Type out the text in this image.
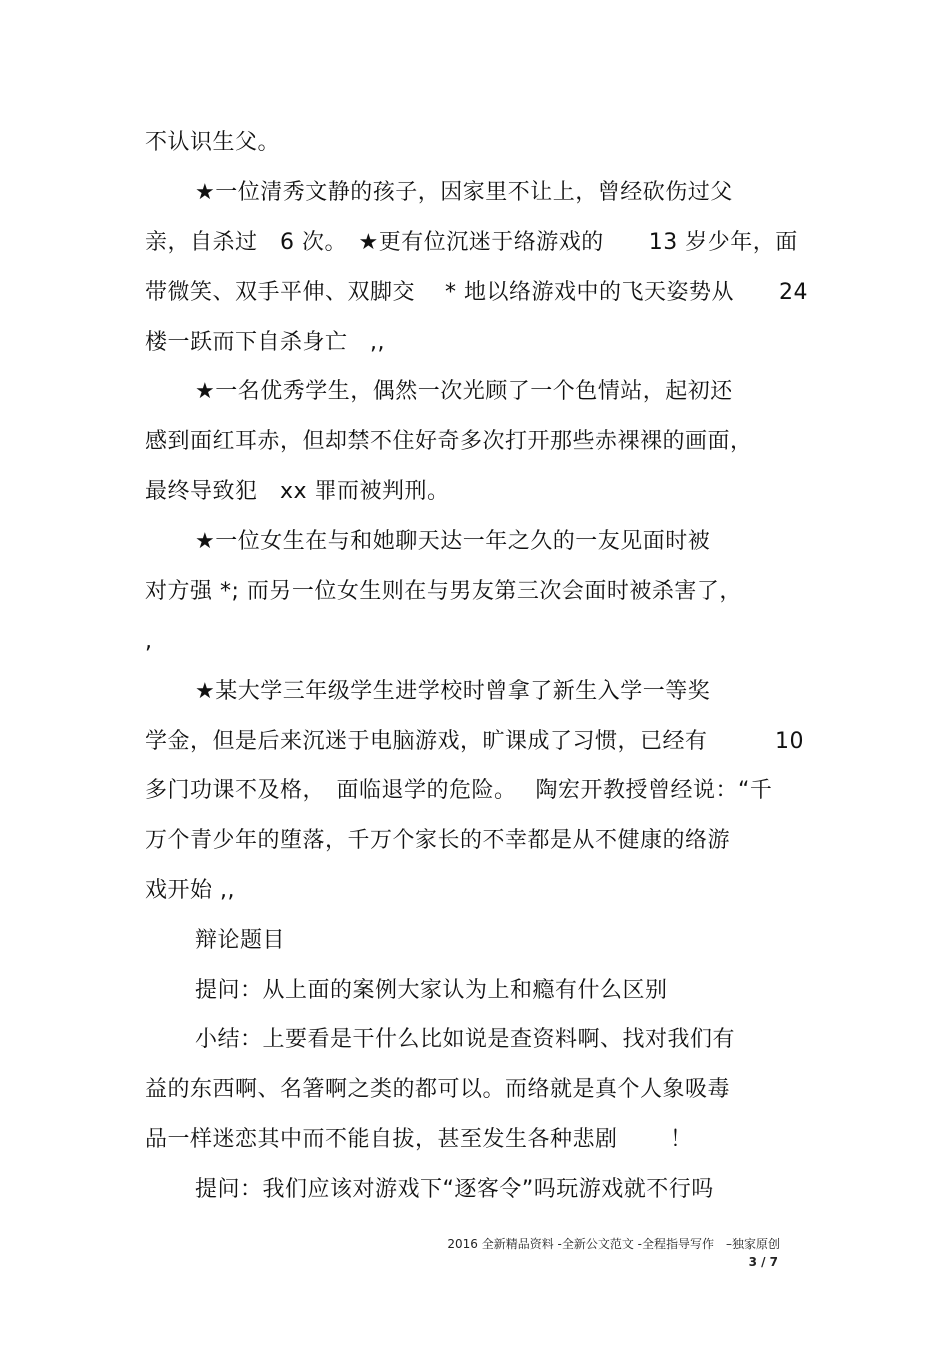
不认识生父。
★一位清秀文静的孩子，因家里不让上，曾经砍伤过父
亲，自杀过　6 次。　★更有位沉迷于络游戏的　　13 岁少年，面
带微笑、双手平伸、双脚交　 * 地以络游戏中的飞天姿势从　　24
楼一跃而下自杀身亡　,,
★一名优秀学生，偶然一次光顾了一个色情站，起初还
感到面红耳赤，但却禁不住好奇多次打开那些赤裸裸的画面，
最终导致犯　xx 罪而被判刑。
★一位女生在与和她聊天达一年之久的一友见面时被
对方强 *; 而另一位女生则在与男友第三次会面时被杀害了，
,
★某大学三年级学生进学校时曾拿了新生入学一等奖
学金，但是后来沉迷于电脑游戏，旷课成了习惯，已经有　　　10
多门功课不及格，　面临退学的危险。　 陶宏开教授曾经说：“千
万个青少年的堕落，千万个家长的不幸都是从不健康的络游
戏开始 ,,
辩论题目
提问：从上面的案例大家认为上和瘾有什么区别
小结：上要看是干什么比如说是查资料啊、找对我们有
益的东西啊、名箸啊之类的都可以。而络就是真个人象吸毒
品一样迷恋其中而不能自拔，甚至发生各种悲剧　　 ！
提问：我们应该对游戏下“逐客令”吗玩游戏就不行吗
2016 全新精品资料 -全新公文范文 -全程指导写作　–独家原创
3 / 7
